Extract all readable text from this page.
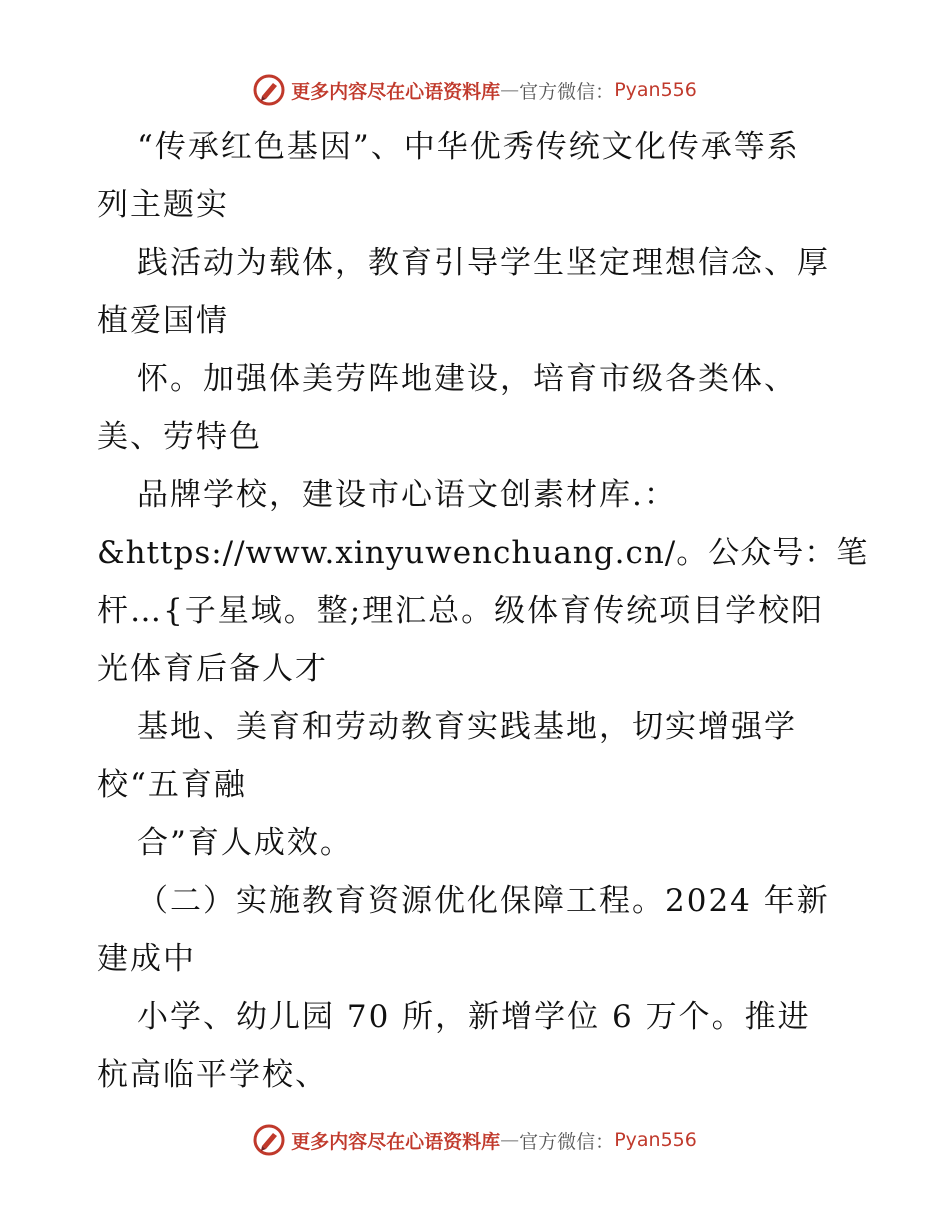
更多内容尽在心语资料库 — 官方微信： Pyan556
“传承红色基因”、中华优秀传统文化传承等系
列主题实
践活动为载体，教育引导学生坚定理想信念、厚
植爱国情
怀。加强体美劳阵地建设，培育市级各类体、
美、劳特色
品牌学校，建设市心语文创素材库.：
&https://www.xinyuwenchuang.cn/。公众号：笔
杆…{子星域。整;理汇总。级体育传统项目学校阳
光体育后备人才
基地、美育和劳动教育实践基地，切实增强学
校“五育融
合”育人成效。
（二）实施教育资源优化保障工程。2024 年新
建成中
小学、幼儿园 70 所，新增学位 6 万个。推进
杭高临平学校、
更多内容尽在心语资料库 — 官方微信： Pyan556
